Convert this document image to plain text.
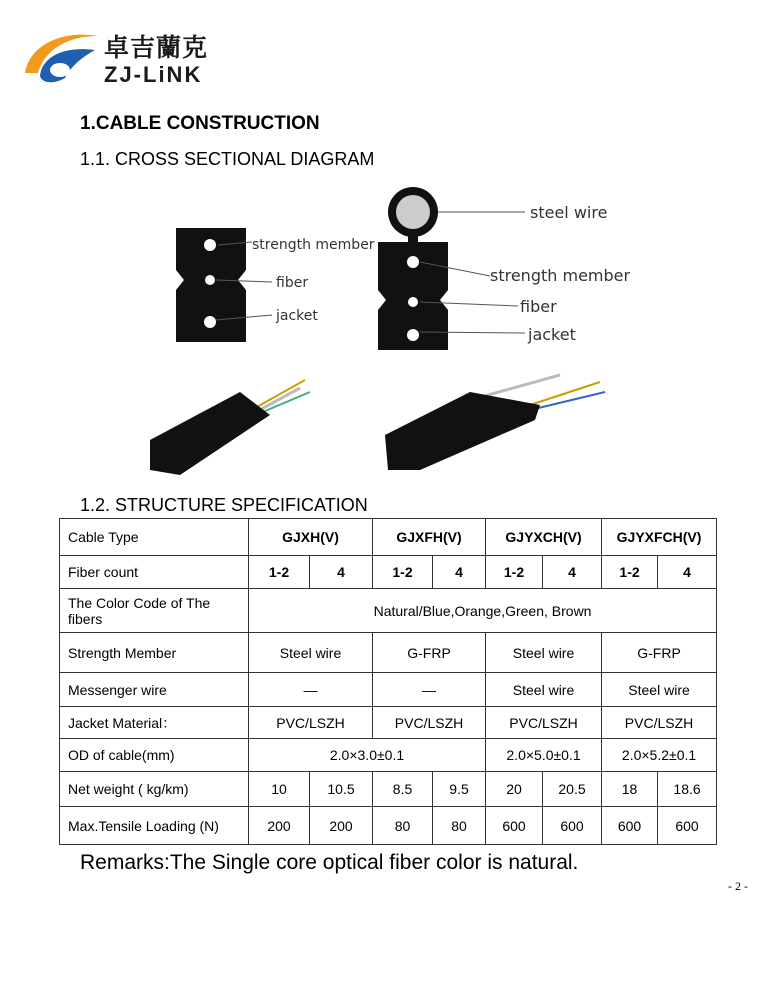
卓吉蘭克
ZJ-LiNK
1.CABLE CONSTRUCTION
1.1. CROSS SECTIONAL DIAGRAM
strength member
fiber
jacket
steel wire
strength member
fiber
jacket
1.2. STRUCTURE SPECIFICATION
Cable Type	GJXH(V)		GJXFH(V)		GJYXCH(V)		GJYXFCH(V)	
Fiber count	1-2	4	1-2	4	1-2	4	1-2	4
The Color Code of The fibers	Natural/Blue,Orange,Green, Brown							
Strength Member	Steel wire		G-FRP		Steel wire		G-FRP	
Messenger wire	—		—		Steel wire		Steel wire	
Jacket Material：	PVC/LSZH		PVC/LSZH		PVC/LSZH		PVC/LSZH	
OD of cable(mm)	2.0×3.0±0.1				2.0×5.0±0.1		2.0×5.2±0.1	
Net weight ( kg/km)	10	10.5	8.5	9.5	20	20.5	18	18.6
Max.Tensile Loading (N)	200	200	80	80	600	600	600	600
Remarks:The Single core optical fiber color is natural.
- 2 -
